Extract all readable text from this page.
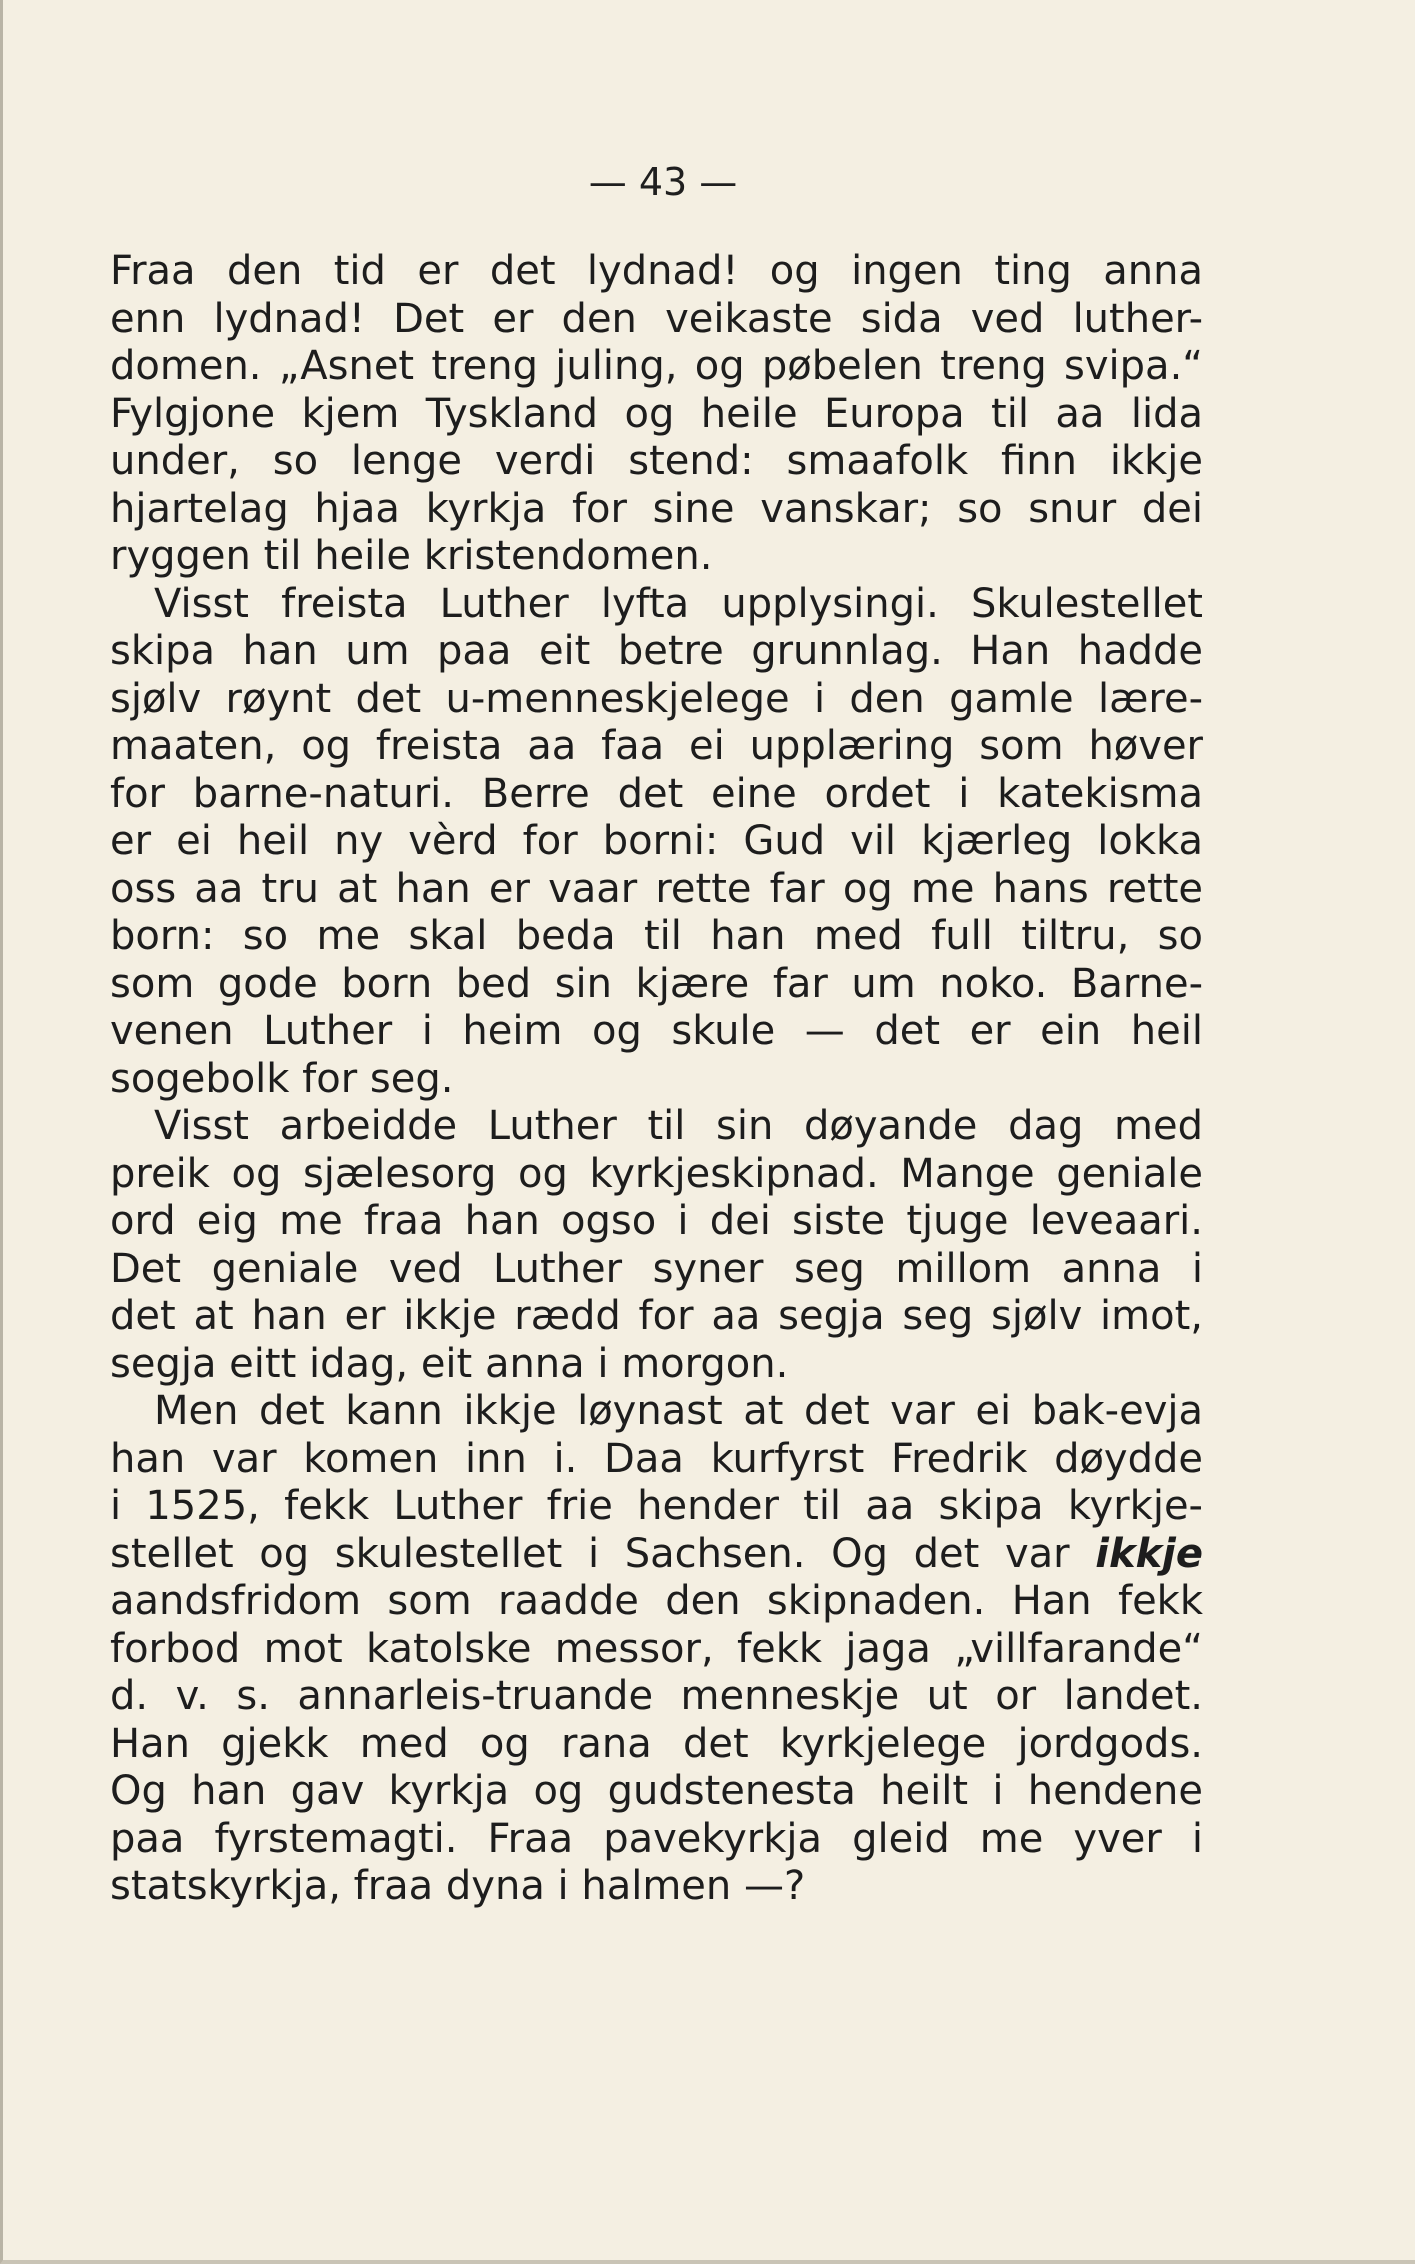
— 43 —
Fraa den tid er det lydnad! og ingen ting anna
enn lydnad! Det er den veikaste sida ved luther-
domen. „Asnet treng juling, og pøbelen treng svipa.“
Fylgjone kjem Tyskland og heile Europa til aa lida
under, so lenge verdi stend: smaafolk finn ikkje
hjartelag hjaa kyrkja for sine vanskar; so snur dei
ryggen til heile kristendomen.
Visst freista Luther lyfta upplysingi. Skulestellet
skipa han um paa eit betre grunnlag. Han hadde
sjølv røynt det u-menneskjelege i den gamle lære-
maaten, og freista aa faa ei upplæring som høver
for barne-naturi. Berre det eine ordet i katekisma
er ei heil ny vèrd for borni: Gud vil kjærleg lokka
oss aa tru at han er vaar rette far og me hans rette
born: so me skal beda til han med full tiltru, so
som gode born bed sin kjære far um noko. Barne-
venen Luther i heim og skule — det er ein heil
sogebolk for seg.
Visst arbeidde Luther til sin døyande dag med
preik og sjælesorg og kyrkjeskipnad. Mange geniale
ord eig me fraa han ogso i dei siste tjuge leveaari.
Det geniale ved Luther syner seg millom anna i
det at han er ikkje rædd for aa segja seg sjølv imot,
segja eitt idag, eit anna i morgon.
Men det kann ikkje løynast at det var ei bak-evja
han var komen inn i. Daa kurfyrst Fredrik døydde
i 1525, fekk Luther frie hender til aa skipa kyrkje-
stellet og skulestellet i Sachsen. Og det var ikkje
aandsfridom som raadde den skipnaden. Han fekk
forbod mot katolske messor, fekk jaga „villfarande“
d. v. s. annarleis-truande menneskje ut or landet.
Han gjekk med og rana det kyrkjelege jordgods.
Og han gav kyrkja og gudstenesta heilt i hendene
paa fyrstemagti. Fraa pavekyrkja gleid me yver i
statskyrkja, fraa dyna i halmen —?
